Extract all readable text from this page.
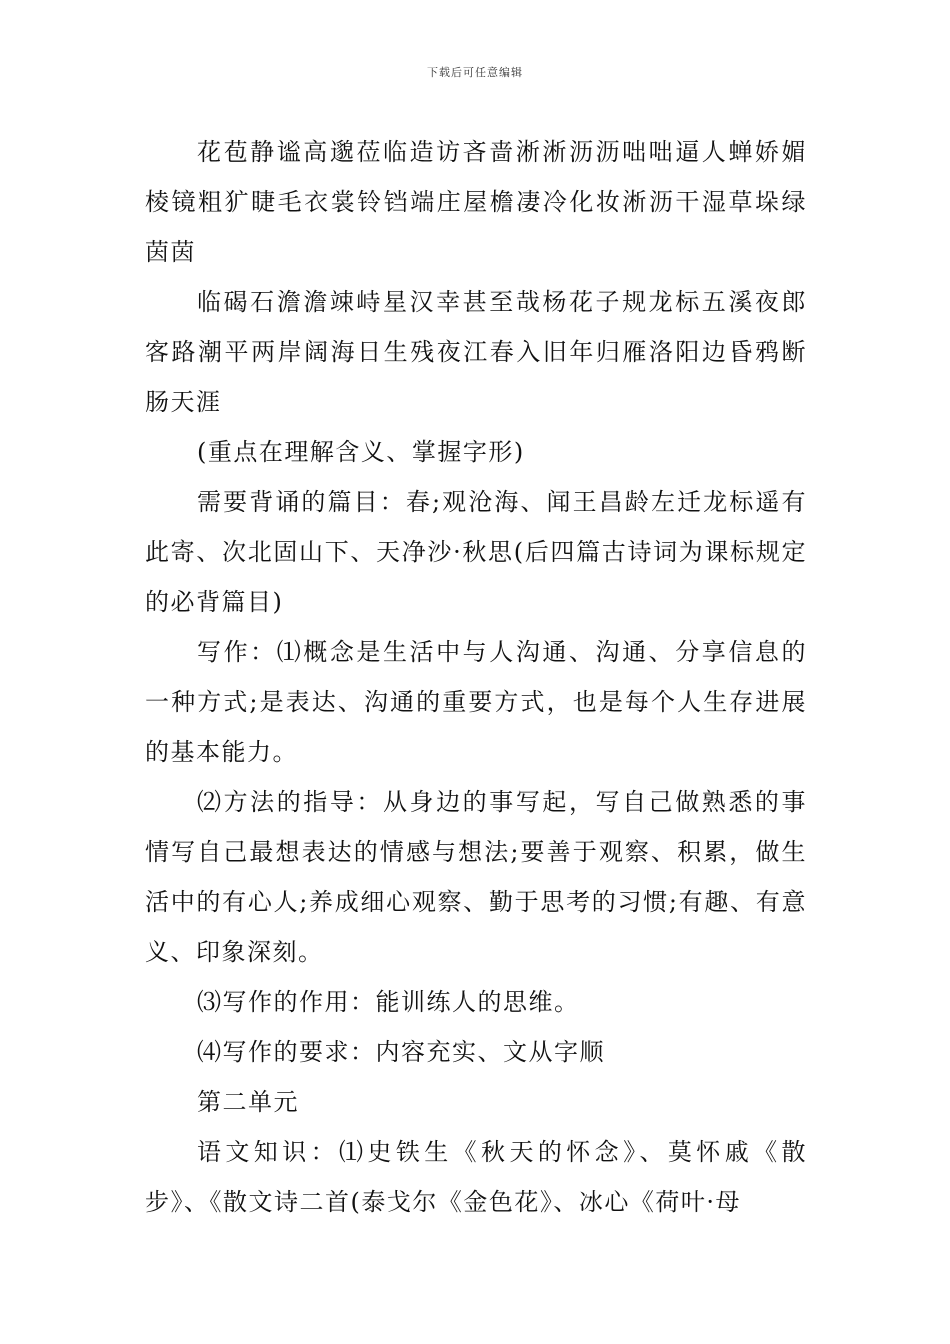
下载后可任意编辑

花苞静谧高邈莅临造访吝啬淅淅沥沥咄咄逼人蝉娇媚棱镜粗犷睫毛衣裳铃铛端庄屋檐凄冷化妆淅沥干湿草垛绿茵茵

临碣石澹澹竦峙星汉幸甚至哉杨花子规龙标五溪夜郎客路潮平两岸阔海日生残夜江春入旧年归雁洛阳边昏鸦断肠天涯

(重点在理解含义、掌握字形)

需要背诵的篇目：春;观沧海、闻王昌龄左迁龙标遥有此寄、次北固山下、天净沙·秋思(后四篇古诗词为课标规定的必背篇目)

写作：⑴概念是生活中与人沟通、沟通、分享信息的一种方式;是表达、沟通的重要方式，也是每个人生存进展的基本能力。

⑵方法的指导：从身边的事写起，写自己做熟悉的事情写自己最想表达的情感与想法;要善于观察、积累，做生活中的有心人;养成细心观察、勤于思考的习惯;有趣、有意义、印象深刻。

⑶写作的作用：能训练人的思维。

⑷写作的要求：内容充实、文从字顺

第二单元

语文知识：⑴史铁生《秋天的怀念》、莫怀戚《散步》、《散文诗二首(泰戈尔《金色花》、冰心《荷叶·母
